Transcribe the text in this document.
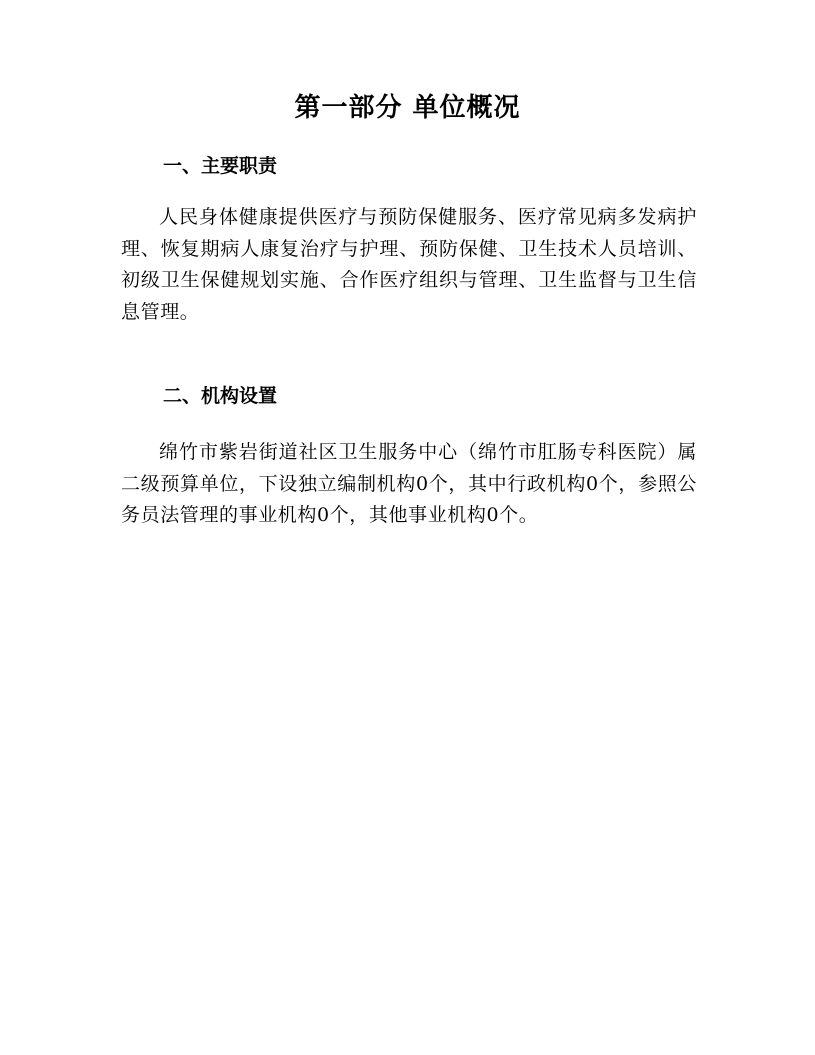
第一部分 单位概况
一、主要职责
人民身体健康提供医疗与预防保健服务、医疗常见病多发病护理、恢复期病人康复治疗与护理、预防保健、卫生技术人员培训、初级卫生保健规划实施、合作医疗组织与管理、卫生监督与卫生信息管理。
二、机构设置
绵竹市紫岩街道社区卫生服务中心（绵竹市肛肠专科医院）属二级预算单位，下设独立编制机构0个，其中行政机构0个，参照公务员法管理的事业机构0个，其他事业机构0个。
